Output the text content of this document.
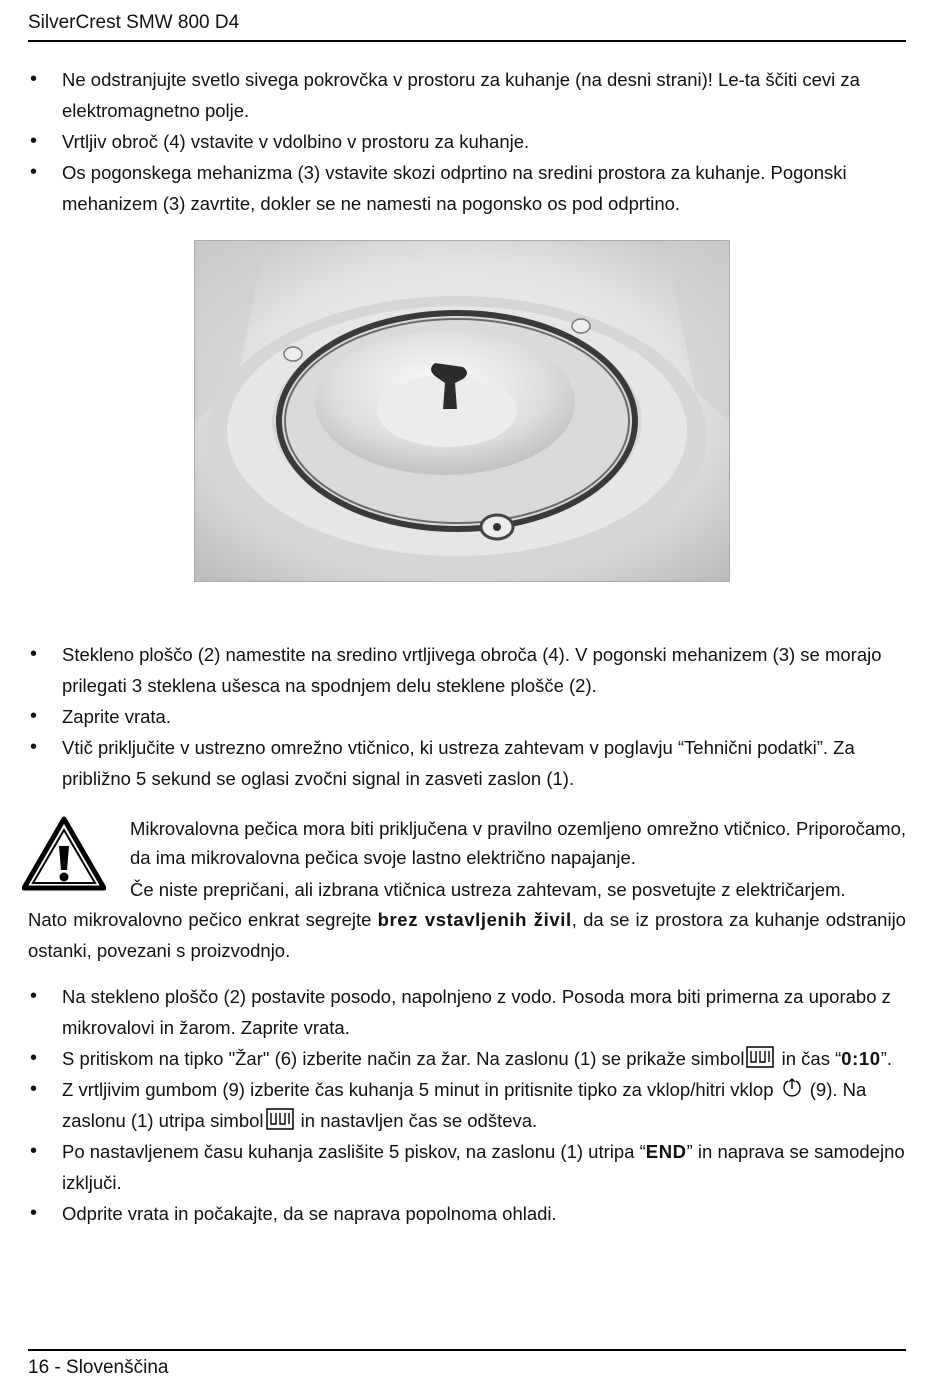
SilverCrest SMW 800 D4
• Ne odstranjujte svetlo sivega pokrovčka v prostoru za kuhanje (na desni strani)! Le-ta ščiti cevi za elektromagnetno polje.
• Vrtljiv obroč (4) vstavite v vdolbino v prostoru za kuhanje.
• Os pogonskega mehanizma (3) vstavite skozi odprtino na sredini prostora za kuhanje. Pogonski mehanizem (3) zavrtite, dokler se ne namesti na pogonsko os pod odprtino.
• Stekleno ploščo (2) namestite na sredino vrtljivega obroča (4). V pogonski mehanizem (3) se morajo prilegati 3 steklena ušesca na spodnjem delu steklene plošče (2).
• Zaprite vrata.
• Vtič priključite v ustrezno omrežno vtičnico, ki ustreza zahtevam v poglavju “Tehnični podatki”. Za približno 5 sekund se oglasi zvočni signal in zasveti zaslon (1).
Mikrovalovna pečica mora biti priključena v pravilno ozemljeno omrežno vtičnico. Priporočamo, da ima mikrovalovna pečica svoje lastno električno napajanje.
Če niste prepričani, ali izbrana vtičnica ustreza zahtevam, se posvetujte z električarjem.
Nato mikrovalovno pečico enkrat segrejte brez vstavljenih živil, da se iz prostora za kuhanje odstranijo ostanki, povezani s proizvodnjo.
• Na stekleno ploščo (2) postavite posodo, napolnjeno z vodo. Posoda mora biti primerna za uporabo z mikrovalovi in žarom. Zaprite vrata.
• S pritiskom na tipko "Žar" (6) izberite način za žar. Na zaslonu (1) se prikaže simbol in čas “0:10”.
• Z vrtljivim gumbom (9) izberite čas kuhanja 5 minut in pritisnite tipko za vklop/hitri vklop  (9). Na zaslonu (1) utripa simbol in nastavljen čas se odšteva.
• Po nastavljenem času kuhanja zaslišite 5 piskov, na zaslonu (1) utripa “END” in naprava se samodejno izklјuči.
• Odprite vrata in počakajte, da se naprava popolnoma ohladi.
16 - Slovenščina
